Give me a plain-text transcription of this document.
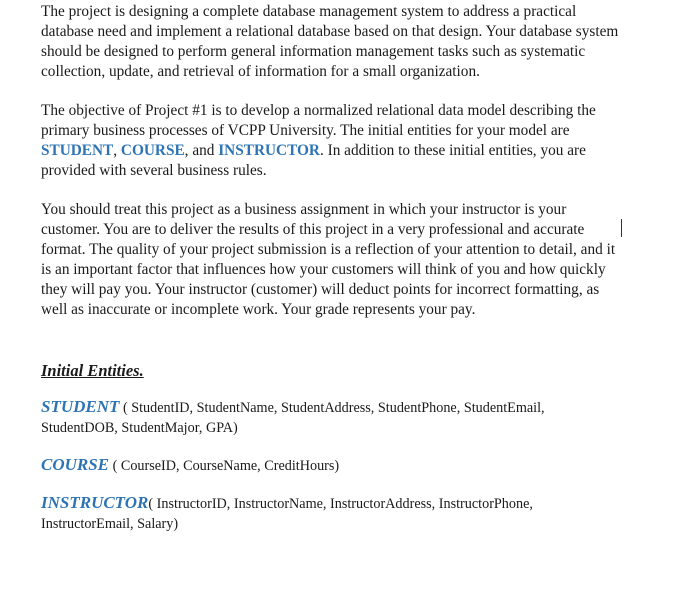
The project is designing a complete database management system to address a practical database need and implement a relational database based on that design. Your database system should be designed to perform general information management tasks such as systematic collection, update, and retrieval of information for a small organization.

The objective of Project #1 is to develop a normalized relational data model describing the primary business processes of VCPP University. The initial entities for your model are STUDENT, COURSE, and INSTRUCTOR. In addition to these initial entities, you are provided with several business rules.

You should treat this project as a business assignment in which your instructor is your customer. You are to deliver the results of this project in a very professional and accurate format. The quality of your project submission is a reflection of your attention to detail, and it is an important factor that influences how your customers will think of you and how quickly they will pay you. Your instructor (customer) will deduct points for incorrect formatting, as well as inaccurate or incomplete work. Your grade represents your pay.

Initial Entities.

STUDENT ( StudentID, StudentName, StudentAddress, StudentPhone, StudentEmail, StudentDOB, StudentMajor, GPA)

COURSE ( CourseID, CourseName, CreditHours)

INSTRUCTOR( InstructorID, InstructorName, InstructorAddress, InstructorPhone, InstructorEmail, Salary)
